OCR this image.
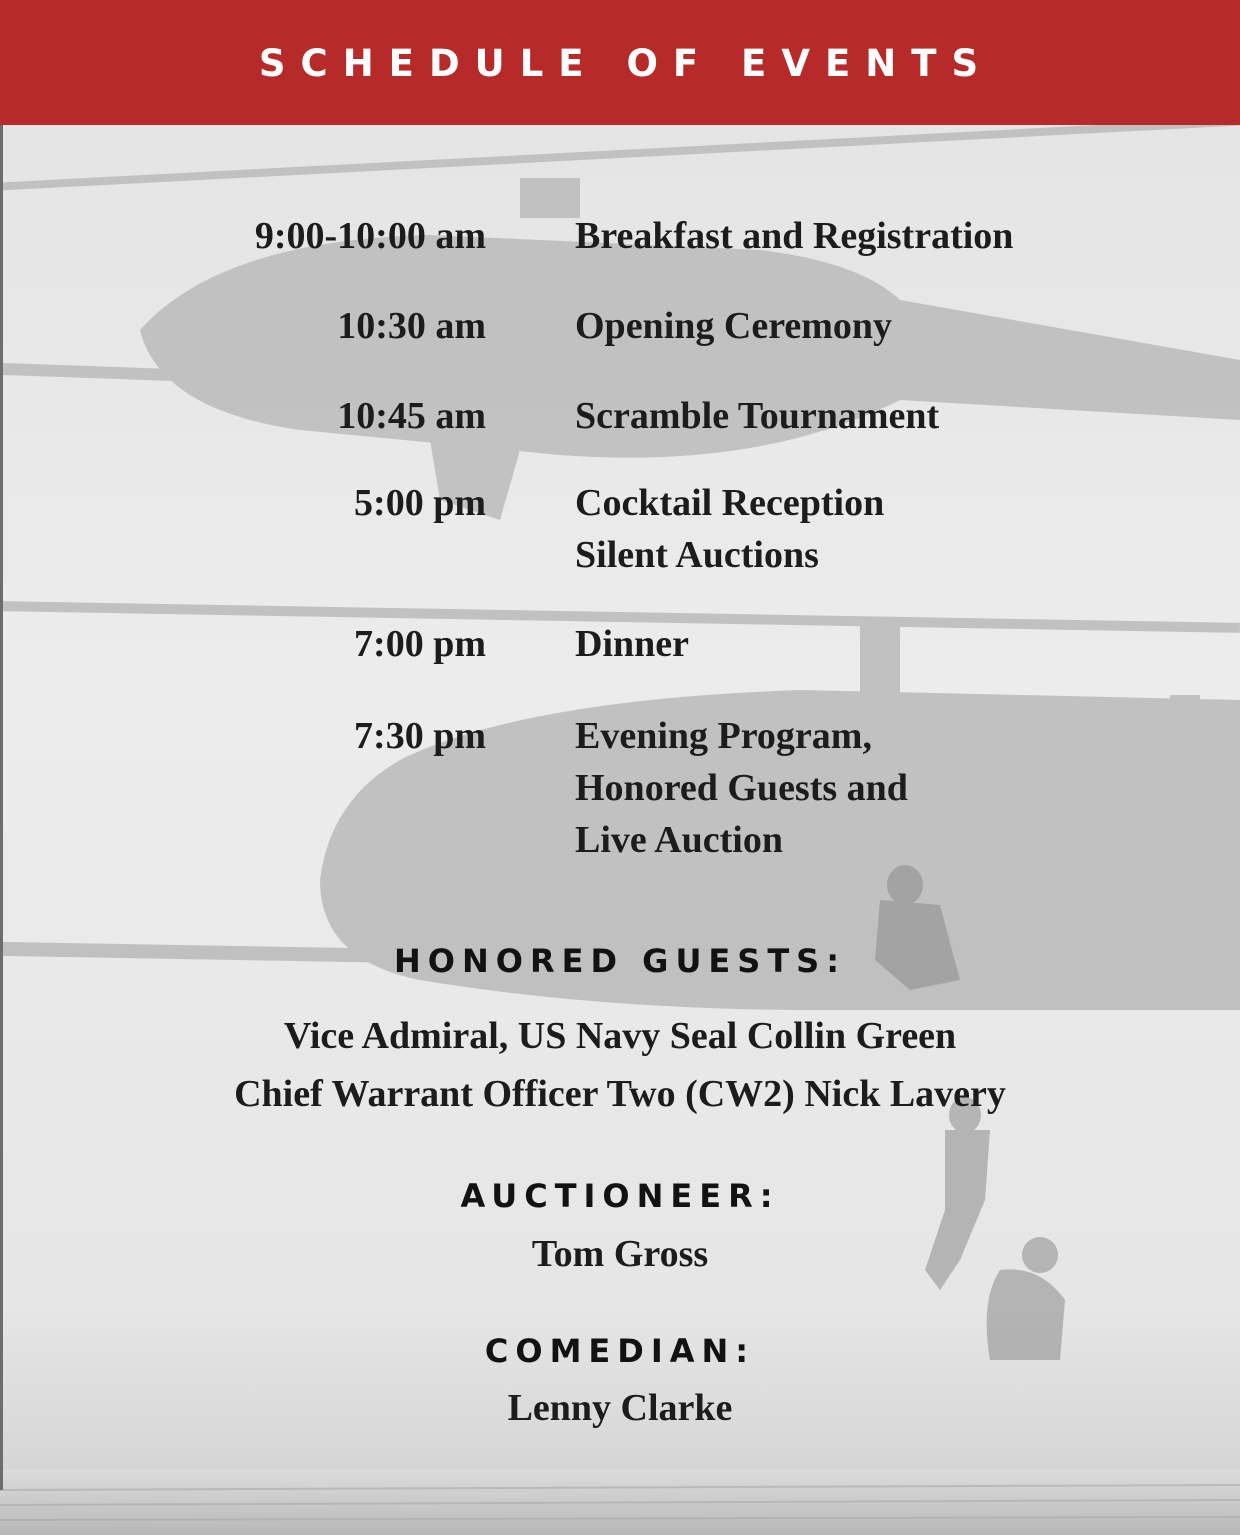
SCHEDULE OF EVENTS
9:00-10:00 am Breakfast and Registration
10:30 am Opening Ceremony
10:45 am Scramble Tournament
5:00 pm Cocktail Reception
Silent Auctions
7:00 pm Dinner
7:30 pm Evening Program,
Honored Guests and
Live Auction
HONORED GUESTS:
Vice Admiral, US Navy Seal Collin Green
Chief Warrant Officer Two (CW2) Nick Lavery
AUCTIONEER:
Tom Gross
COMEDIAN:
Lenny Clarke
